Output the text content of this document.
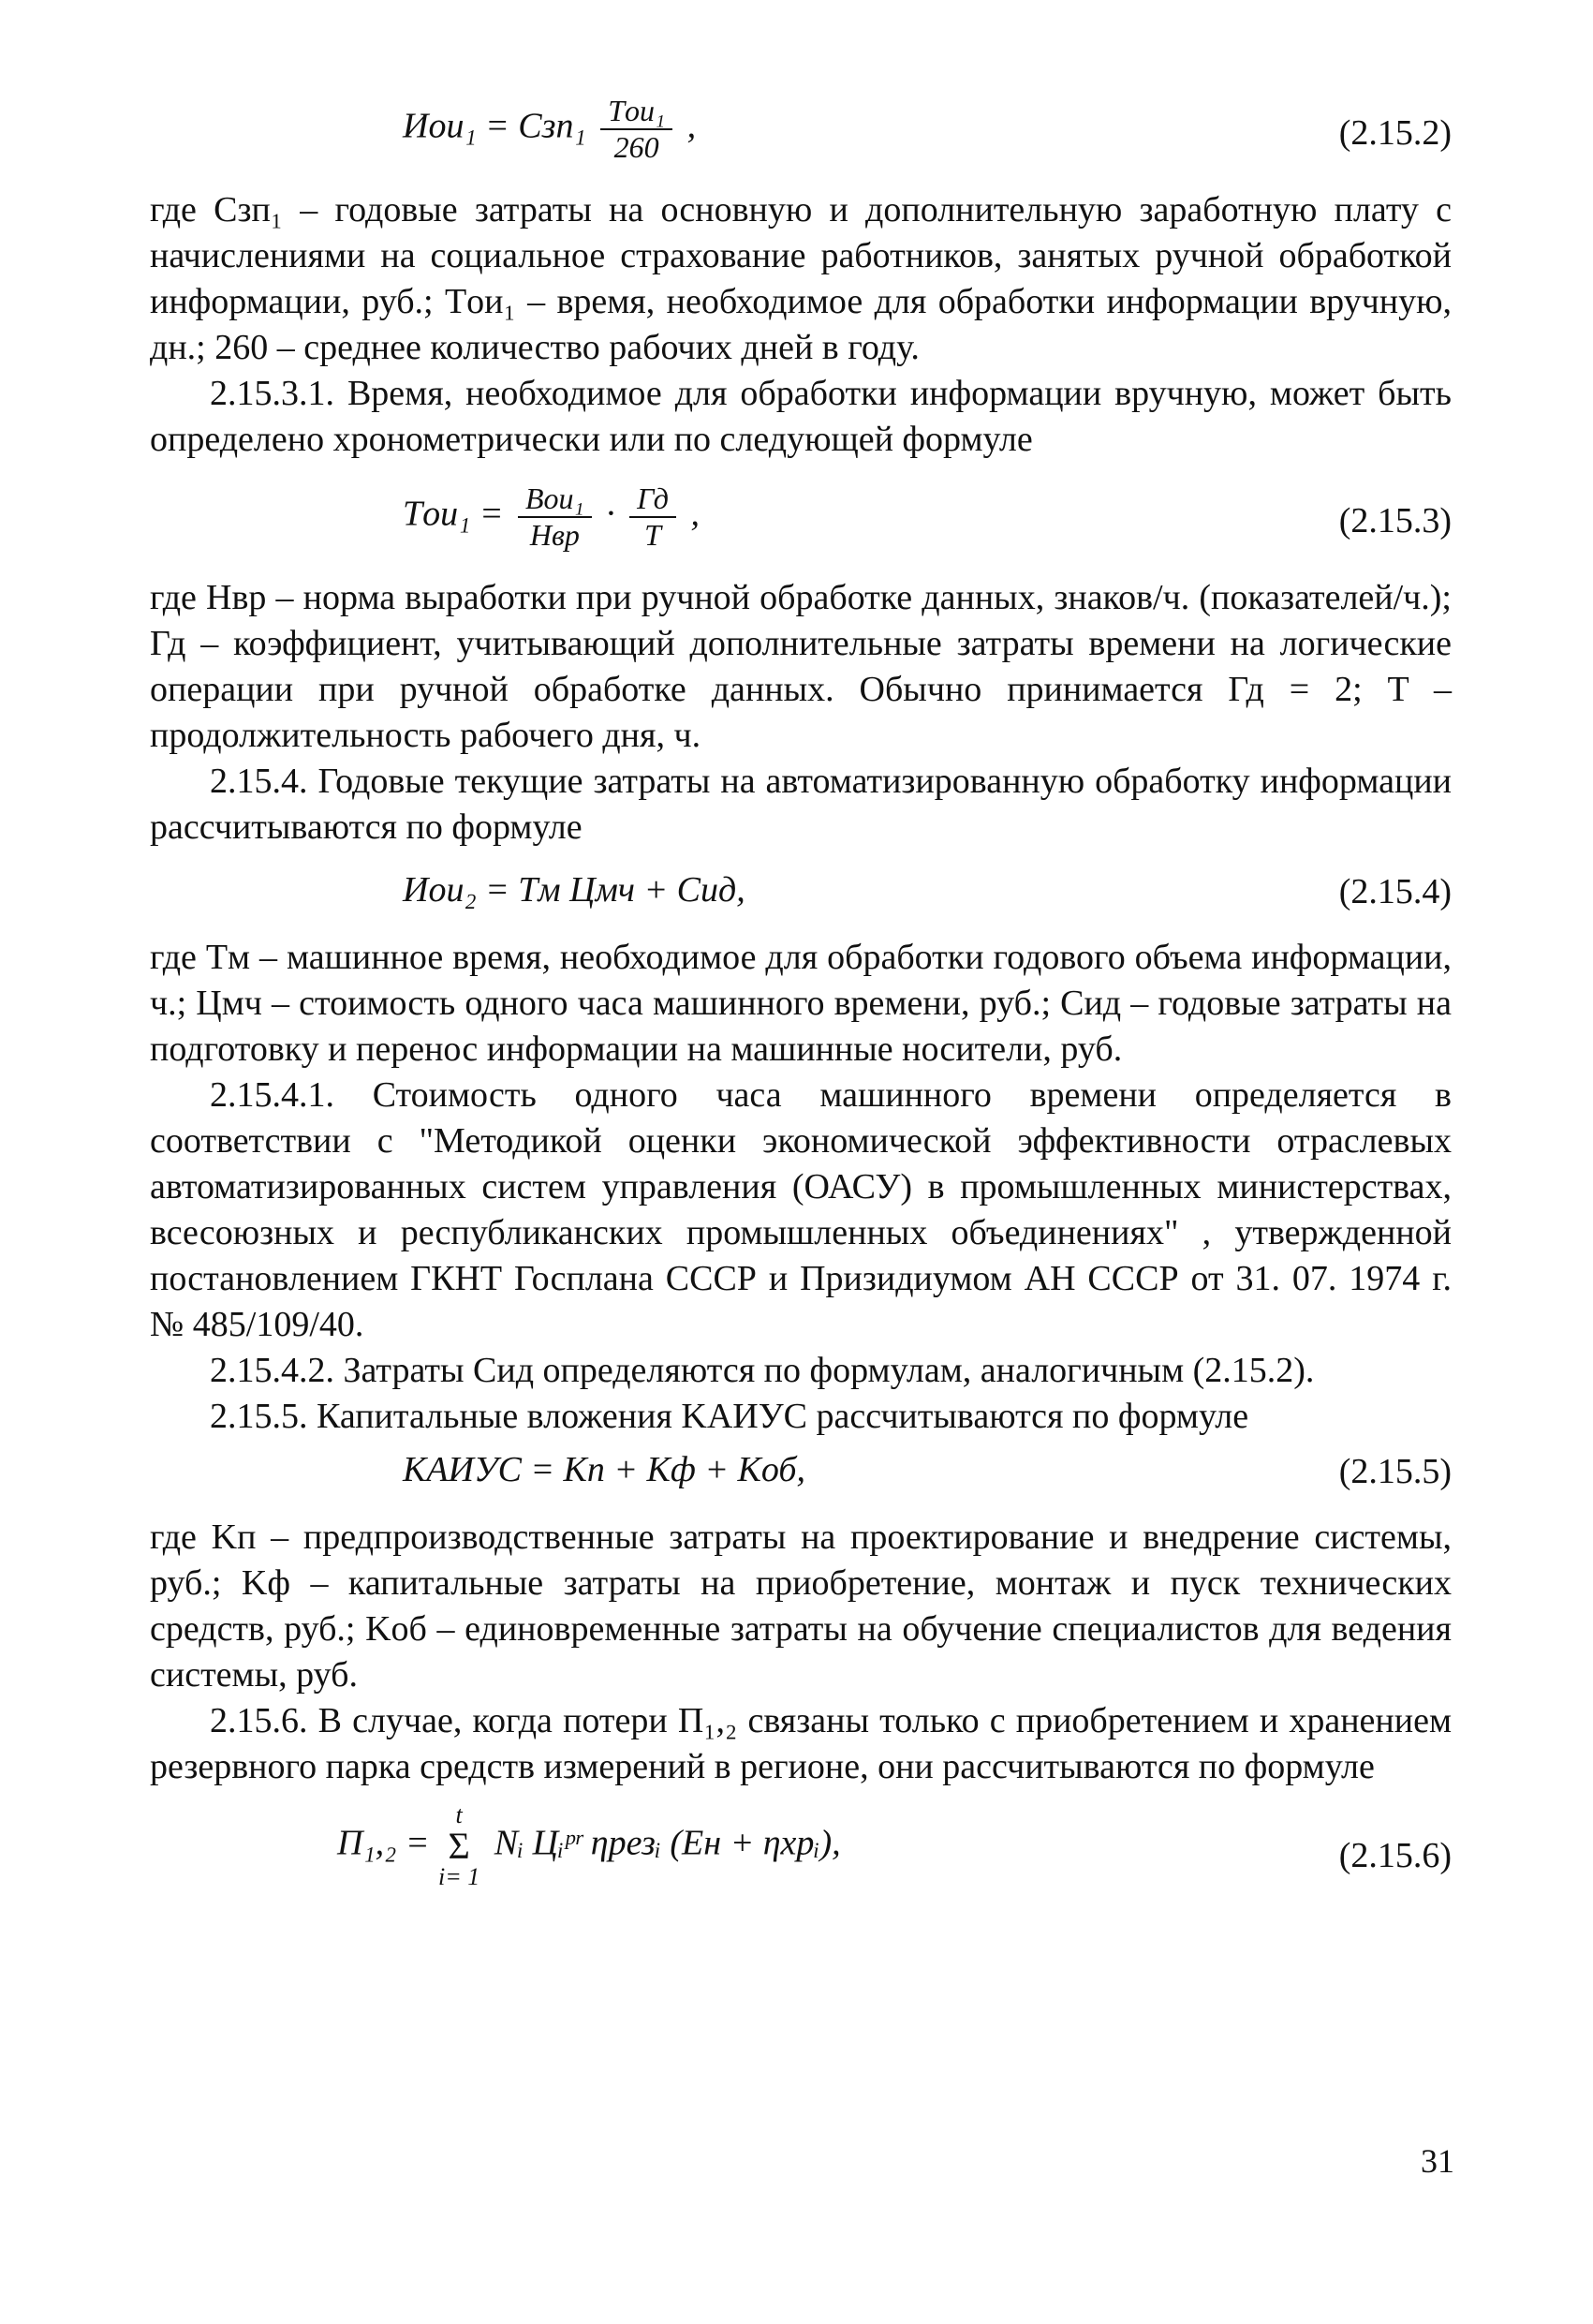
$Иои_1 = Cзп_1 \frac{\text{Tои₁}}{260}$ ,	(2.15.2)

где Cзп₁ – годовые затраты на основную и дополнительную заработную плату с начислениями на социальное страхование работников, занятых ручной обработкой информации, руб.; Tои₁ – время, необходимое для обработки информации вручную, дн.; 260 – среднее количество рабочих дней в году.

2.15.3.1. Время, необходимое для обработки информации вручную, может быть определено хронометрически или по следующей формуле

$Tои_1 = \frac{\text{Bои₁}}{\text{Hвр}} \cdot \frac{Гд}{T}$ ,	(2.15.3)

где Hвр – норма выработки при ручной обработке данных, знаков/ч. (показателей/ч.); Гд – коэффициент, учитывающий дополнительные затраты времени на логические операции при ручной обработке данных. Обычно принимается Гд = 2; T – продолжительность рабочего дня, ч.

2.15.4. Годовые текущие затраты на автоматизированную обработку информации рассчитываются по формуле

Иои₂ = Tм Цмч + Cид,	(2.15.4)

где Tм – машинное время, необходимое для обработки годового объема информации, ч.; Цмч – стоимость одного часа машинного времени, руб.; Cид – годовые затраты на подготовку и перенос информации на машинные носители, руб.

2.15.4.1. Стоимость одного часа машинного времени определяется в соответствии с "Методикой оценки экономической эффективности отраслевых автоматизированных систем управления (ОАСУ) в промышленных министерствах, всесоюзных и республиканских промышленных объединениях" , утвержденной постановлением ГКНТ Госплана СССР и Призидиумом АН СССР от 31. 07. 1974 г. № 485/109/40.

2.15.4.2. Затраты Cид определяются по формулам, аналогичным (2.15.2).

2.15.5. Капитальные вложения KАИУС рассчитываются по формуле

KАИУС = Kп + Kф + Kоб,	(2.15.5)

где Kп – предпроизводственные затраты на проектирование и внедрение системы, руб.; Kф – капитальные затраты на приобретение, монтаж и пуск технических средств, руб.; Kоб – единовременные затраты на обучение специалистов для ведения системы, руб.

2.15.6. В случае, когда потери П₁,₂ связаны только с приобретением и хранением резервного парка средств измерений в регионе, они рассчитываются по формуле

П₁,₂ =
t
Σ
i= 1
Nᵢ Цᵢᵖʳ ηрезᵢ (Eн + ηхрᵢ),	(2.15.6)
31
